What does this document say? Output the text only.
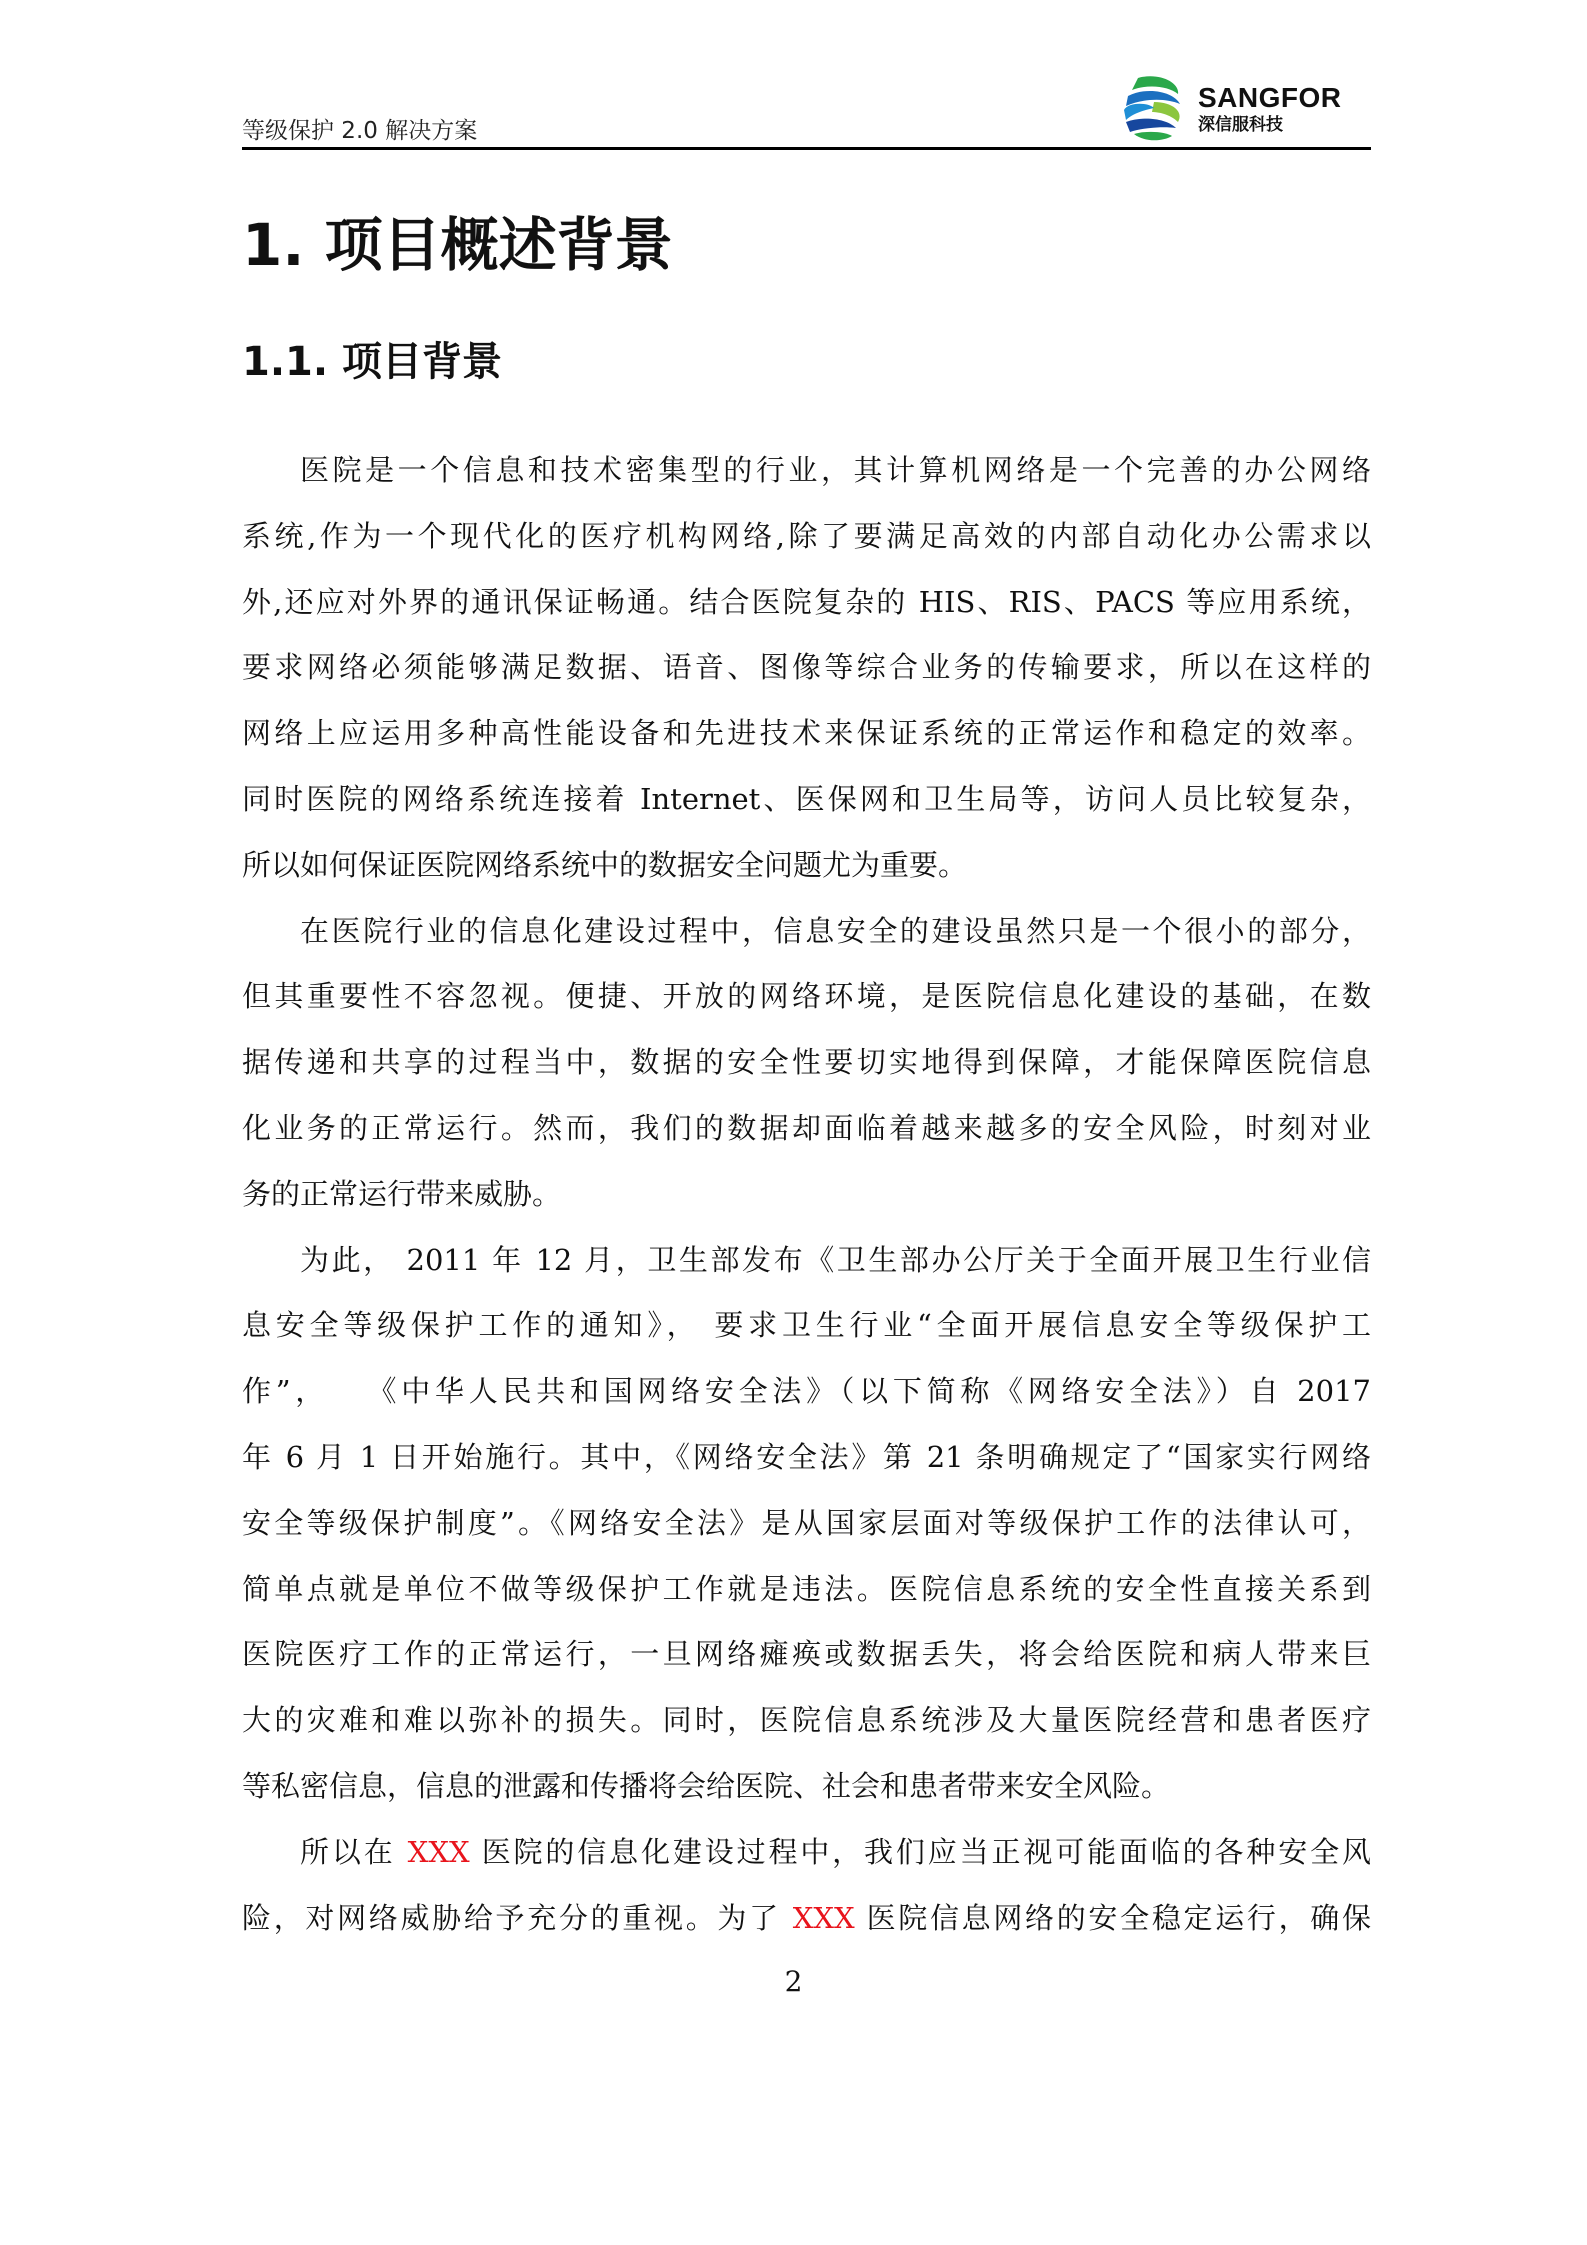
等级保护 2.0 解决方案
SANGFOR
深信服科技
1. 项目概述背景
1.1. 项目背景
医院是一个信息和技术密集型的行业，其计算机网络是一个完善的办公网络
系统,作为一个现代化的医疗机构网络,除了要满足高效的内部自动化办公需求以
外,还应对外界的通讯保证畅通。结合医院复杂的 HIS、RIS、PACS 等应用系统，
要求网络必须能够满足数据、语音、图像等综合业务的传输要求，所以在这样的
网络上应运用多种高性能设备和先进技术来保证系统的正常运作和稳定的效率。
同时医院的网络系统连接着 Internet、医保网和卫生局等，访问人员比较复杂，
所以如何保证医院网络系统中的数据安全问题尤为重要。
在医院行业的信息化建设过程中，信息安全的建设虽然只是一个很小的部分，
但其重要性不容忽视。便捷、开放的网络环境，是医院信息化建设的基础，在数
据传递和共享的过程当中，数据的安全性要切实地得到保障，才能保障医院信息
化业务的正常运行。然而，我们的数据却面临着越来越多的安全风险，时刻对业
务的正常运行带来威胁。
为此， 2011 年 12 月，卫生部发布《卫生部办公厅关于全面开展卫生行业信
息安全等级保护工作的通知》， 要求卫生行业“全面开展信息安全等级保护工
作”，　　《中华人民共和国网络安全法》（以下简称《网络安全法》）自 2017
年 6 月 1 日开始施行。其中，《网络安全法》第 21 条明确规定了“国家实行网络
安全等级保护制度”。《网络安全法》是从国家层面对等级保护工作的法律认可，
简单点就是单位不做等级保护工作就是违法。医院信息系统的安全性直接关系到
医院医疗工作的正常运行，一旦网络瘫痪或数据丢失，将会给医院和病人带来巨
大的灾难和难以弥补的损失。同时，医院信息系统涉及大量医院经营和患者医疗
等私密信息，信息的泄露和传播将会给医院、社会和患者带来安全风险。
所以在 XXX 医院的信息化建设过程中，我们应当正视可能面临的各种安全风
险，对网络威胁给予充分的重视。为了 XXX 医院信息网络的安全稳定运行，确保
2
